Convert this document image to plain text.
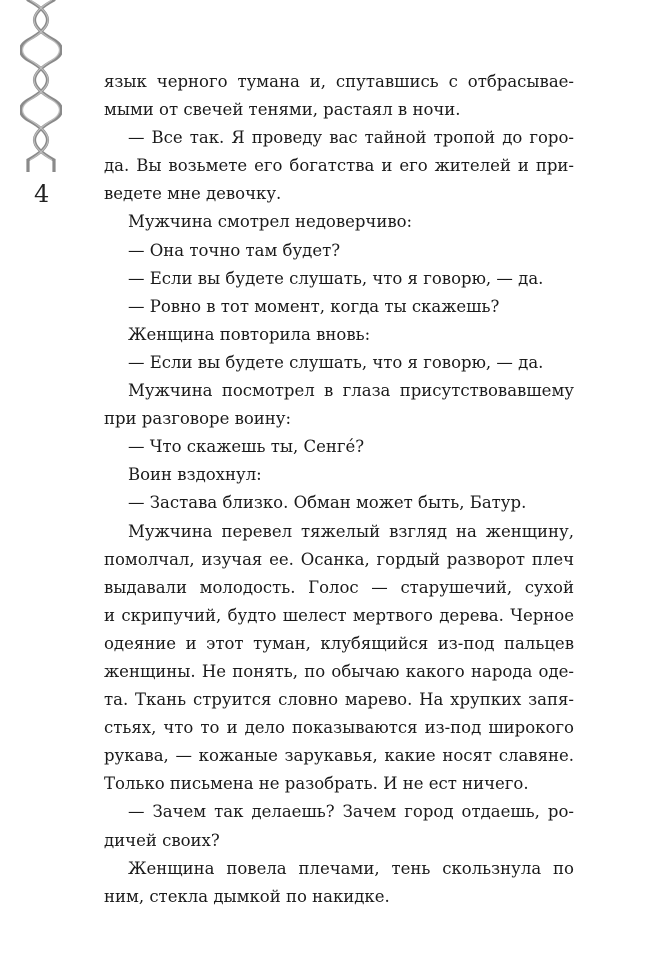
4

язык черного тумана и, спутавшись с отбрасывае-
мыми от свечей тенями, растаял в ночи.

— Все так. Я проведу вас тайной тропой до горо-
да. Вы возьмете его богатства и его жителей и при-
ведете мне девочку.

Мужчина смотрел недоверчиво:

— Она точно там будет?

— Если вы будете слушать, что я говорю, — да.

— Ровно в тот момент, когда ты скажешь?

Женщина повторила вновь:

— Если вы будете слушать, что я говорю, — да.

Мужчина посмотрел в глаза присутствовавшему
при разговоре воину:

— Что скажешь ты, Сенгé?

Воин вздохнул:

— Застава близко. Обман может быть, Батур.

Мужчина перевел тяжелый взгляд на женщину,
помолчал, изучая ее. Осанка, гордый разворот плеч
выдавали молодость. Голос — старушечий, сухой
и скрипучий, будто шелест мертвого дерева. Черное
одеяние и этот туман, клубящийся из-под пальцев
женщины. Не понять, по обычаю какого народа оде-
та. Ткань струится словно марево. На хрупких запя-
стьях, что то и дело показываются из-под широкого
рукава, — кожаные зарукавья, какие носят славяне.
Только письмена не разобрать. И не ест ничего.

— Зачем так делаешь? Зачем город отдаешь, ро-
дичей своих?

Женщина повела плечами, тень скользнула по
ним, стекла дымкой по накидке.
